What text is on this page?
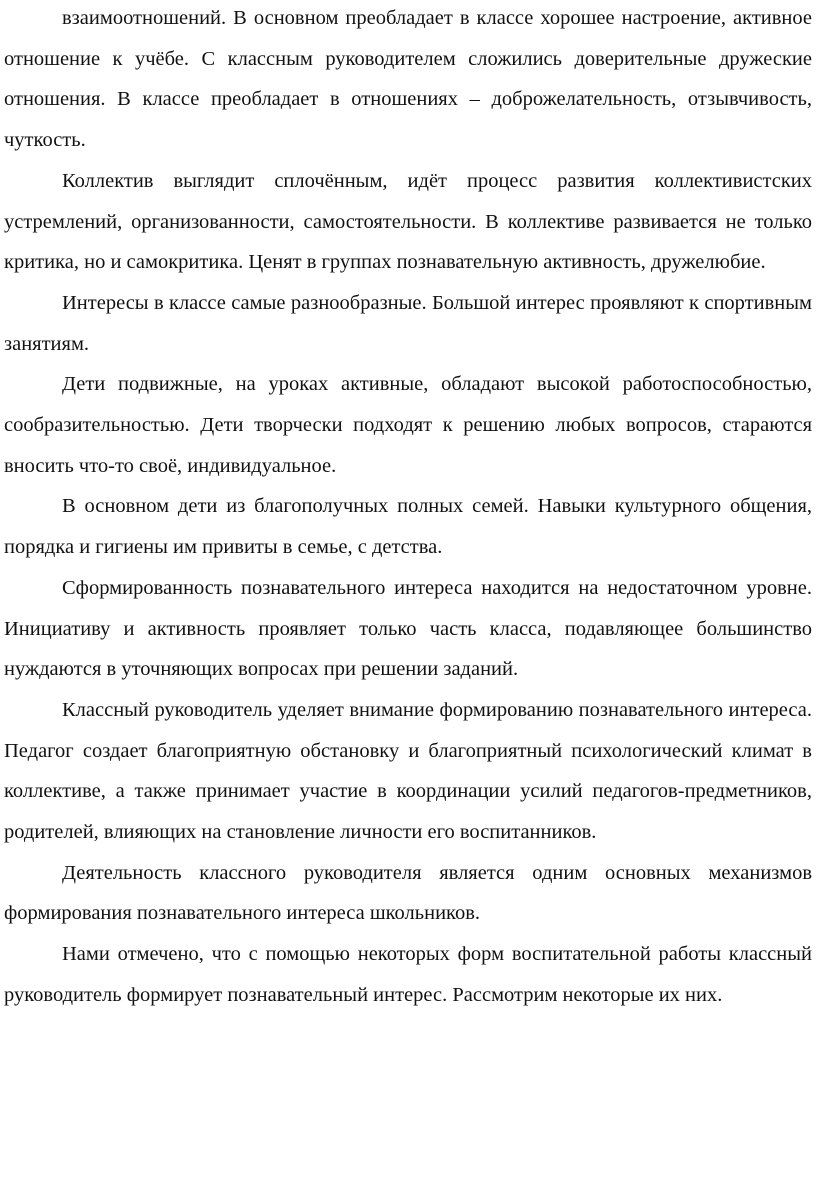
взаимоотношений. В основном преобладает в классе хорошее настроение, активное отношение к учёбе. С классным руководителем сложились доверительные дружеские отношения. В классе преобладает в отношениях – доброжелательность, отзывчивость, чуткость.

Коллектив выглядит сплочённым, идёт процесс развития коллективистских устремлений, организованности, самостоятельности. В коллективе развивается не только критика, но и самокритика. Ценят в группах познавательную активность, дружелюбие.

Интересы в классе самые разнообразные. Большой интерес проявляют к спортивным занятиям.

Дети подвижные, на уроках активные, обладают высокой работоспособностью, сообразительностью. Дети творчески подходят к решению любых вопросов, стараются вносить что-то своё, индивидуальное.

В основном дети из благополучных полных семей. Навыки культурного общения, порядка и гигиены им привиты в семье, с детства.

Сформированность познавательного интереса находится на недостаточном уровне. Инициативу и активность проявляет только часть класса, подавляющее большинство нуждаются в уточняющих вопросах при решении заданий.

Классный руководитель уделяет внимание формированию познавательного интереса. Педагог создает благоприятную обстановку и благоприятный психологический климат в коллективе, а также принимает участие в координации усилий педагогов-предметников, родителей, влияющих на становление личности его воспитанников.

Деятельность классного руководителя является одним основных механизмов формирования познавательного интереса школьников.

Нами отмечено, что с помощью некоторых форм воспитательной работы классный руководитель формирует познавательный интерес. Рассмотрим некоторые их них.
